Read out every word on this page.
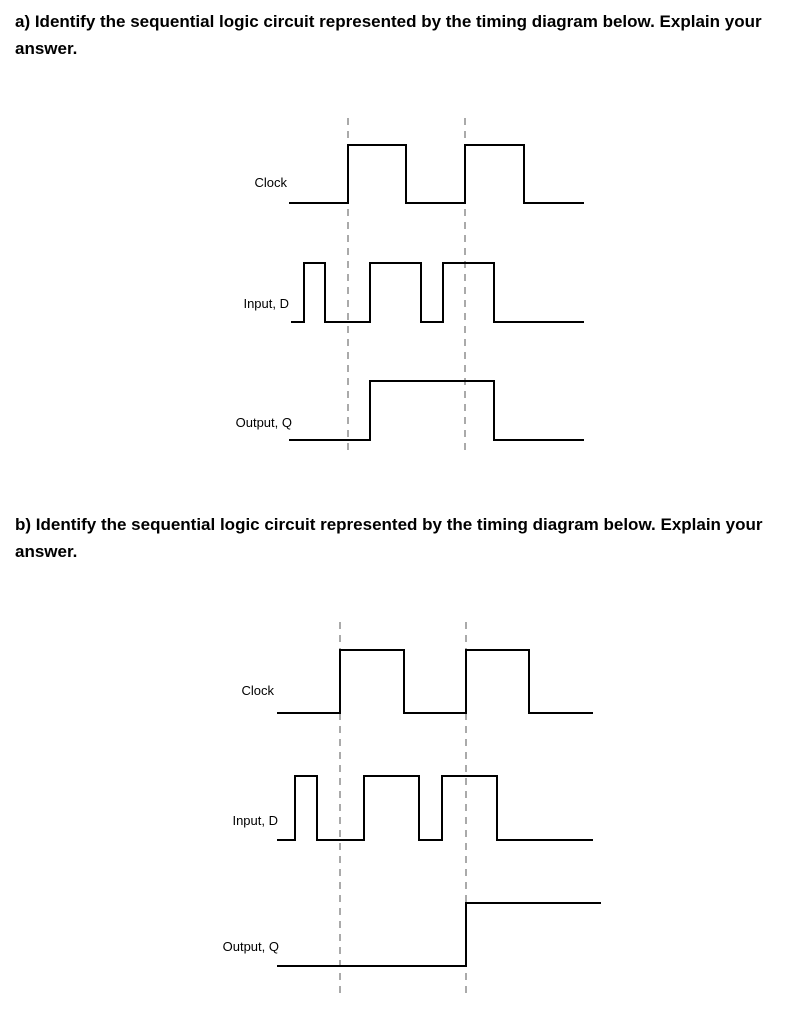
a) Identify the sequential logic circuit represented by the timing diagram below. Explain your
answer.
Clock
Input, D
Output, Q
b) Identify the sequential logic circuit represented by the timing diagram below. Explain your
answer.
Clock
Input, D
Output, Q
